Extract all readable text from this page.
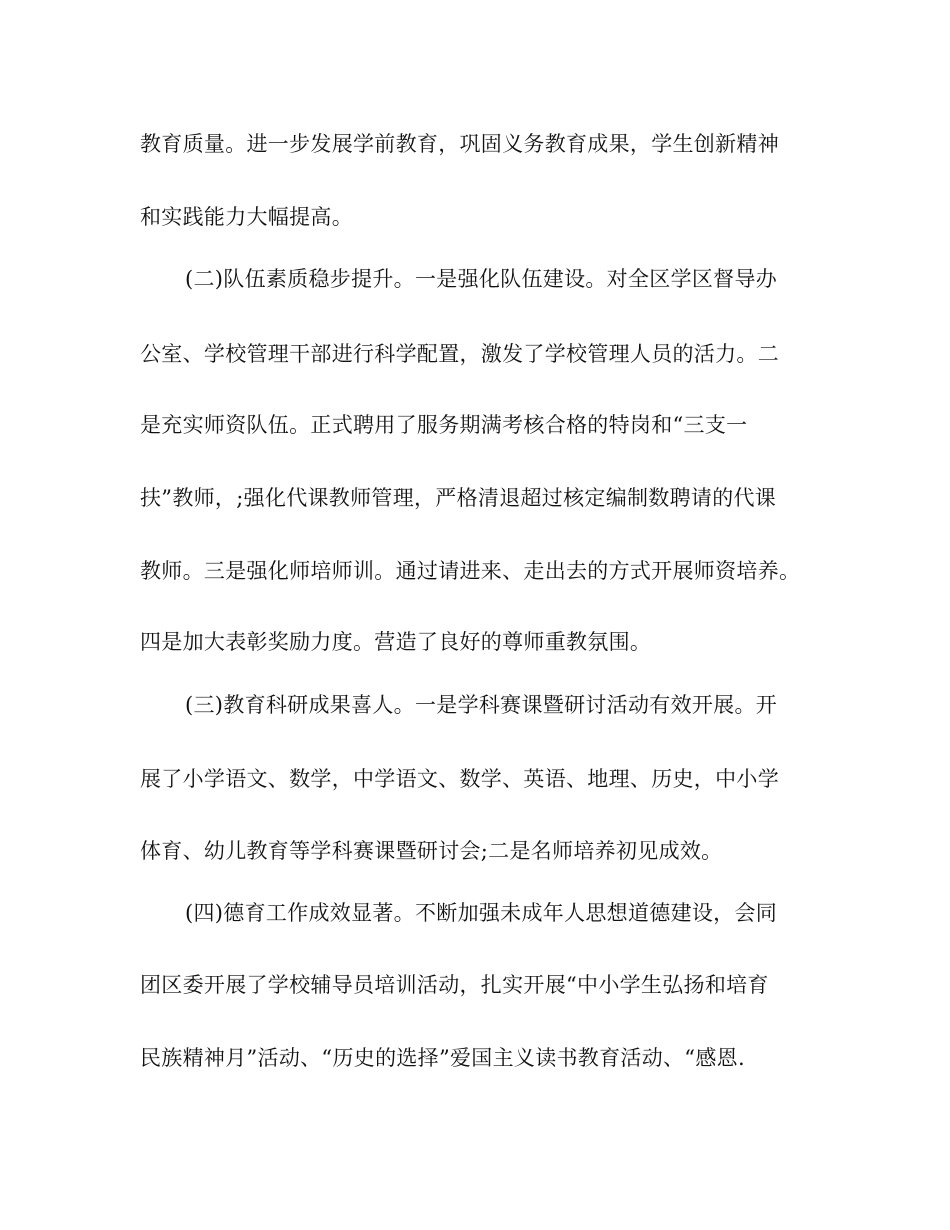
教育质量。进一步发展学前教育，巩固义务教育成果，学生创新精神

和实践能力大幅提高。

(二)队伍素质稳步提升。一是强化队伍建设。对全区学区督导办

公室、学校管理干部进行科学配置，激发了学校管理人员的活力。二

是充实师资队伍。正式聘用了服务期满考核合格的特岗和“三支一

扶”教师，;强化代课教师管理，严格清退超过核定编制数聘请的代课

教师。三是强化师培师训。通过请进来、走出去的方式开展师资培养。

四是加大表彰奖励力度。营造了良好的尊师重教氛围。

(三)教育科研成果喜人。一是学科赛课暨研讨活动有效开展。开

展了小学语文、数学，中学语文、数学、英语、地理、历史，中小学

体育、幼儿教育等学科赛课暨研讨会;二是名师培养初见成效。

(四)德育工作成效显著。不断加强未成年人思想道德建设，会同

团区委开展了学校辅导员培训活动，扎实开展“中小学生弘扬和培育

民族精神月”活动、“历史的选择”爱国主义读书教育活动、“感恩.
